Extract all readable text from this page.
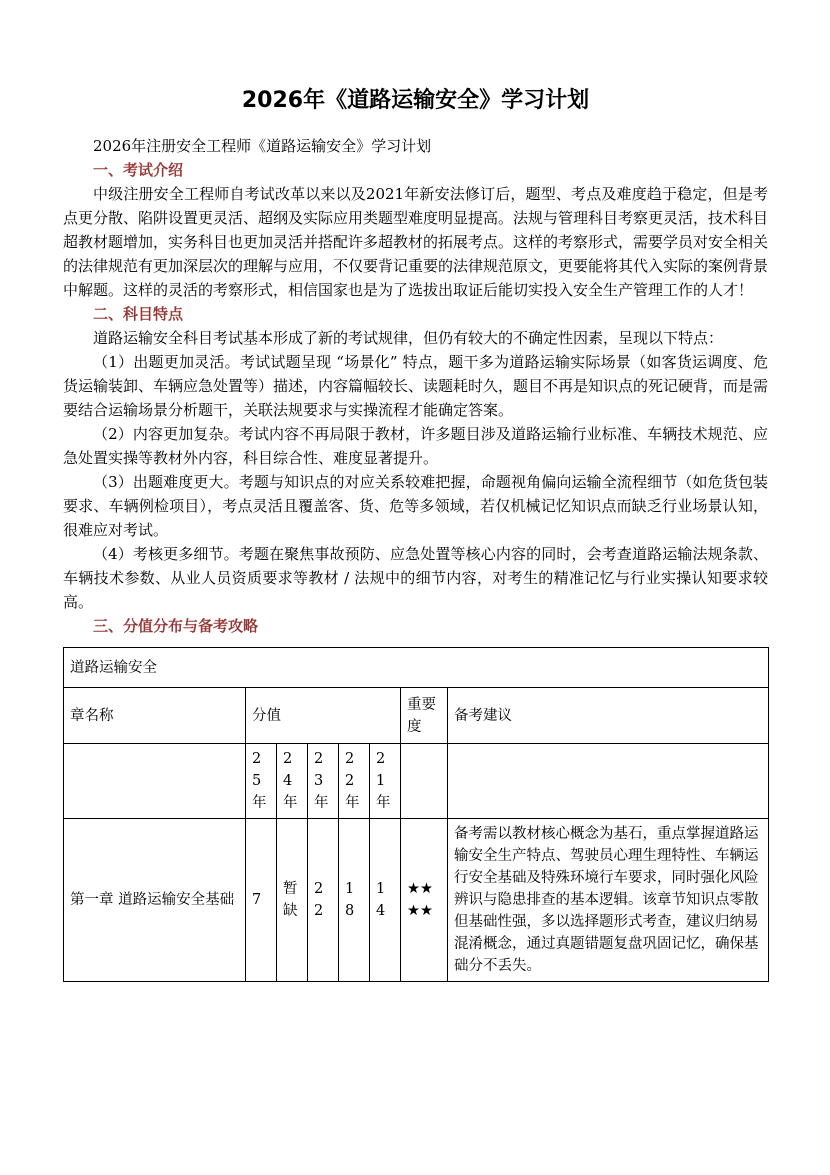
2026年《道路运输安全》学习计划

2026年注册安全工程师《道路运输安全》学习计划

一、考试介绍

中级注册安全工程师自考试改革以来以及2021年新安法修订后，题型、考点及难度趋于稳定，但是考点更分散、陷阱设置更灵活、超纲及实际应用类题型难度明显提高。法规与管理科目考察更灵活，技术科目超教材题增加，实务科目也更加灵活并搭配许多超教材的拓展考点。这样的考察形式，需要学员对安全相关的法律规范有更加深层次的理解与应用，不仅要背记重要的法律规范原文，更要能将其代入实际的案例背景中解题。这样的灵活的考察形式，相信国家也是为了选拔出取证后能切实投入安全生产管理工作的人才！

二、科目特点

道路运输安全科目考试基本形成了新的考试规律，但仍有较大的不确定性因素，呈现以下特点：

（1）出题更加灵活。考试试题呈现 “场景化” 特点，题干多为道路运输实际场景（如客货运调度、危货运输装卸、车辆应急处置等）描述，内容篇幅较长、读题耗时久，题目不再是知识点的死记硬背，而是需要结合运输场景分析题干，关联法规要求与实操流程才能确定答案。

（2）内容更加复杂。考试内容不再局限于教材，许多题目涉及道路运输行业标准、车辆技术规范、应急处置实操等教材外内容，科目综合性、难度显著提升。

（3）出题难度更大。考题与知识点的对应关系较难把握，命题视角偏向运输全流程细节（如危货包装要求、车辆例检项目），考点灵活且覆盖客、货、危等多领域，若仅机械记忆知识点而缺乏行业场景认知，很难应对考试。

（4）考核更多细节。考题在聚焦事故预防、应急处置等核心内容的同时，会考查道路运输法规条款、车辆技术参数、从业人员资质要求等教材 / 法规中的细节内容，对考生的精准记忆与行业实操认知要求较高。

三、分值分布与备考攻略

道路运输安全							
章名称	分值					重要度	备考建议
	25年	24年	23年	22年	21年		
第一章 道路运输安全基础	7	暂缺	22	18	14	★★★★	备考需以教材核心概念为基石，重点掌握道路运输安全生产特点、驾驶员心理生理特性、车辆运行安全基础及特殊环境行车要求，同时强化风险辨识与隐患排查的基本逻辑。该章节知识点零散但基础性强，多以选择题形式考查，建议归纳易混淆概念，通过真题错题复盘巩固记忆，确保基础分不丢失。
